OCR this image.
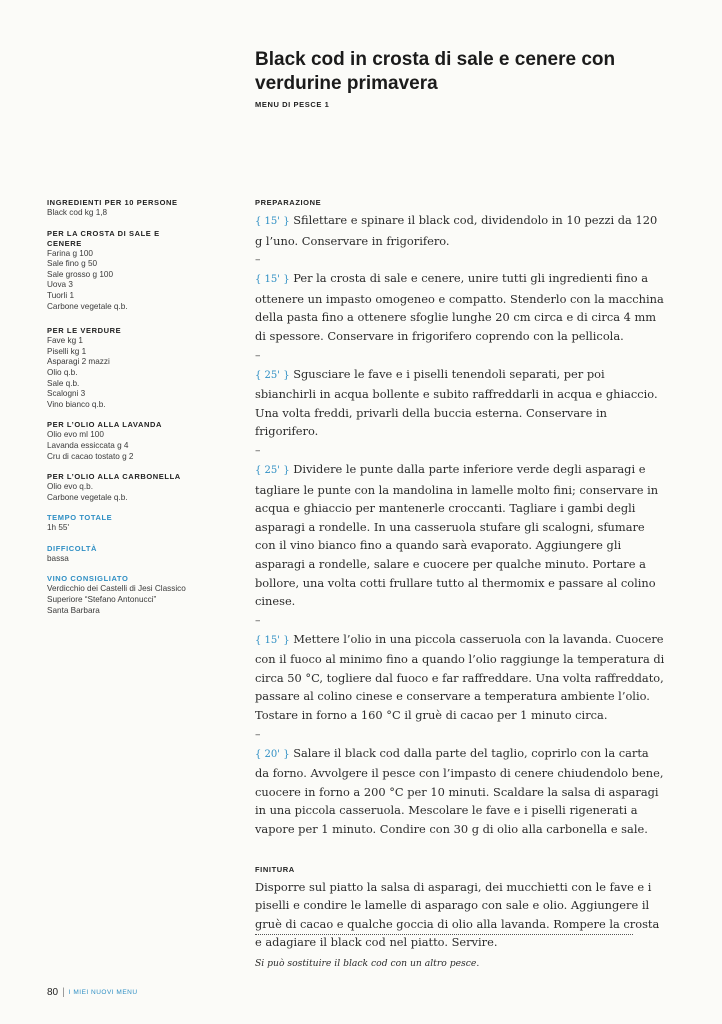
Black cod in crosta di sale e cenere con verdurine primavera
MENU DI PESCE 1
INGREDIENTI PER 10 PERSONE
Black cod kg 1,8
PER LA CROSTA DI SALE E CENERE
Farina g 100
Sale fino g 50
Sale grosso g 100
Uova 3
Tuorli 1
Carbone vegetale q.b.
PER LE VERDURE
Fave kg 1
Piselli kg 1
Asparagi 2 mazzi
Olio q.b.
Sale q.b.
Scalogni 3
Vino bianco q.b.
PER L’OLIO ALLA LAVANDA
Olio evo ml 100
Lavanda essiccata g 4
Cru di cacao tostato g 2
PER L’OLIO ALLA CARBONELLA
Olio evo q.b.
Carbone vegetale q.b.
TEMPO TOTALE
1h 55'
DIFFICOLTÀ
bassa
VINO CONSIGLIATO
Verdicchio dei Castelli di Jesi Classico
Superiore “Stefano Antonucci”
Santa Barbara
PREPARAZIONE

{ 15' } Sfilettare e spinare il black cod, dividendolo in 10 pezzi da 120 g l’uno. Conservare in frigorifero.

–

{ 15' } Per la crosta di sale e cenere, unire tutti gli ingredienti fino a ottenere un impasto omogeneo e compatto. Stenderlo con la macchina della pasta fino a ottenere sfoglie lunghe 20 cm circa e di circa 4 mm di spessore. Conservare in frigorifero coprendo con la pellicola.

–

{ 25' } Sgusciare le fave e i piselli tenendoli separati, per poi sbianchirli in acqua bollente e subito raffreddarli in acqua e ghiaccio. Una volta freddi, privarli della buccia esterna. Conservare in frigorifero.

–

{ 25' } Dividere le punte dalla parte inferiore verde degli asparagi e tagliare le punte con la mandolina in lamelle molto fini; conservare in acqua e ghiaccio per mantenerle croccanti. Tagliare i gambi degli asparagi a rondelle. In una casseruola stufare gli scalogni, sfumare con il vino bianco fino a quando sarà evaporato. Aggiungere gli asparagi a rondelle, salare e cuocere per qualche minuto. Portare a bollore, una volta cotti frullare tutto al thermomix e passare al colino cinese.

–

{ 15' } Mettere l’olio in una piccola casseruola con la lavanda. Cuocere con il fuoco al minimo fino a quando l’olio raggiunge la temperatura di circa 50 °C, togliere dal fuoco e far raffreddare. Una volta raffreddato, passare al colino cinese e conservare a temperatura ambiente l’olio. Tostare in forno a 160 °C il gruè di cacao per 1 minuto circa.

–

{ 20' } Salare il black cod dalla parte del taglio, coprirlo con la carta da forno. Avvolgere il pesce con l’impasto di cenere chiudendolo bene, cuocere in forno a 200 °C per 10 minuti. Scaldare la salsa di asparagi in una piccola casseruola. Mescolare le fave e i piselli rigenerati a vapore per 1 minuto. Condire con 30 g di olio alla carbonella e sale.

FINITURA

Disporre sul piatto la salsa di asparagi, dei mucchietti con le fave e i piselli e condire le lamelle di asparago con sale e olio. Aggiungere il gruè di cacao e qualche goccia di olio alla lavanda. Rompere la crosta e adagiare il black cod nel piatto. Servire.

Si può sostituire il black cod con un altro pesce.
80 | I MIEI NUOVI MENU
